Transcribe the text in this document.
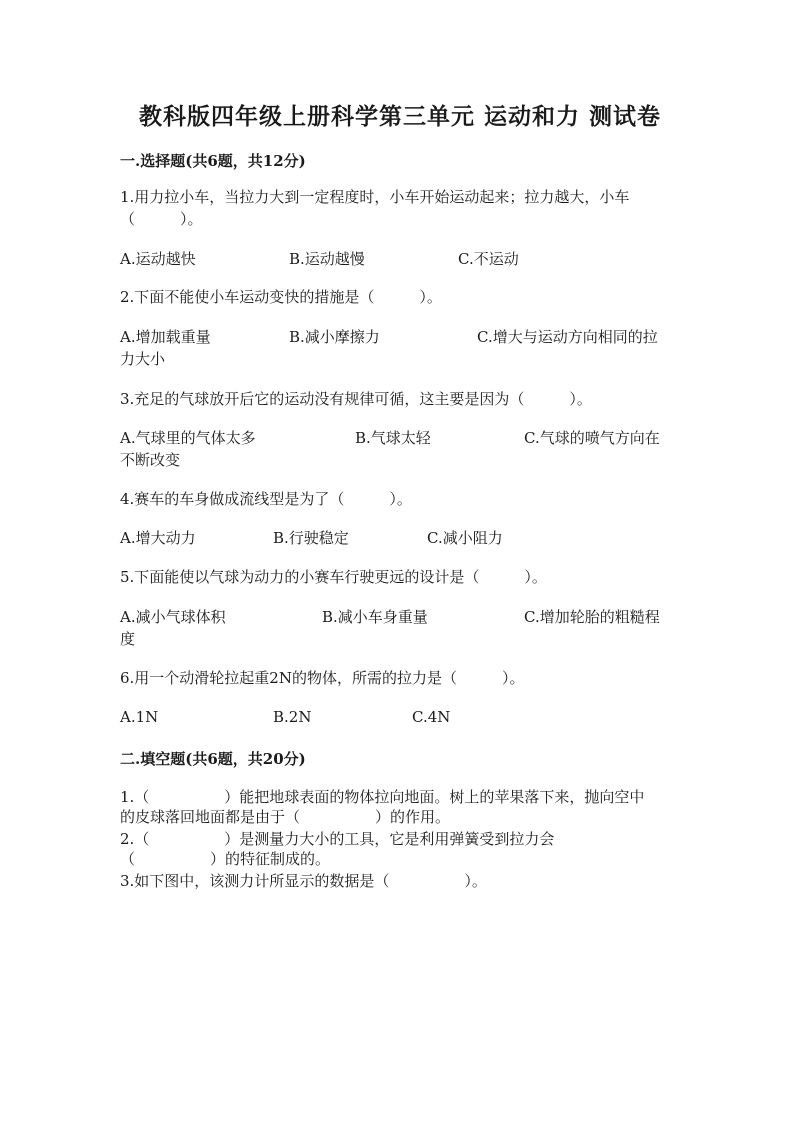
教科版四年级上册科学第三单元 运动和力 测试卷
一.选择题(共6题，共12分)
1.用力拉小车，当拉力大到一定程度时，小车开始运动起来；拉力越大，小车
（　　　）。
A.运动越快	B.运动越慢	C.不运动
2.下面不能使小车运动变快的措施是（　　　）。
A.增加载重量	B.减小摩擦力	C.增大与运动方向相同的拉
力大小
3.充足的气球放开后它的运动没有规律可循，这主要是因为（　　　）。
A.气球里的气体太多	B.气球太轻	C.气球的喷气方向在
不断改变
4.赛车的车身做成流线型是为了（　　　）。
A.增大动力	B.行驶稳定	C.减小阻力
5.下面能使以气球为动力的小赛车行驶更远的设计是（　　　）。
A.减小气球体积	B.减小车身重量	C.增加轮胎的粗糙程
度
6.用一个动滑轮拉起重2N的物体，所需的拉力是（　　　）。
A.1N	B.2N	C.4N
二.填空题(共6题，共20分)
1.（　　　　　）能把地球表面的物体拉向地面。树上的苹果落下来，抛向空中
的皮球落回地面都是由于（　　　　　）的作用。
2.（　　　　　）是测量力大小的工具，它是利用弹簧受到拉力会
（　　　　　）的特征制成的。
3.如下图中，该测力计所显示的数据是（　　　　　）。
